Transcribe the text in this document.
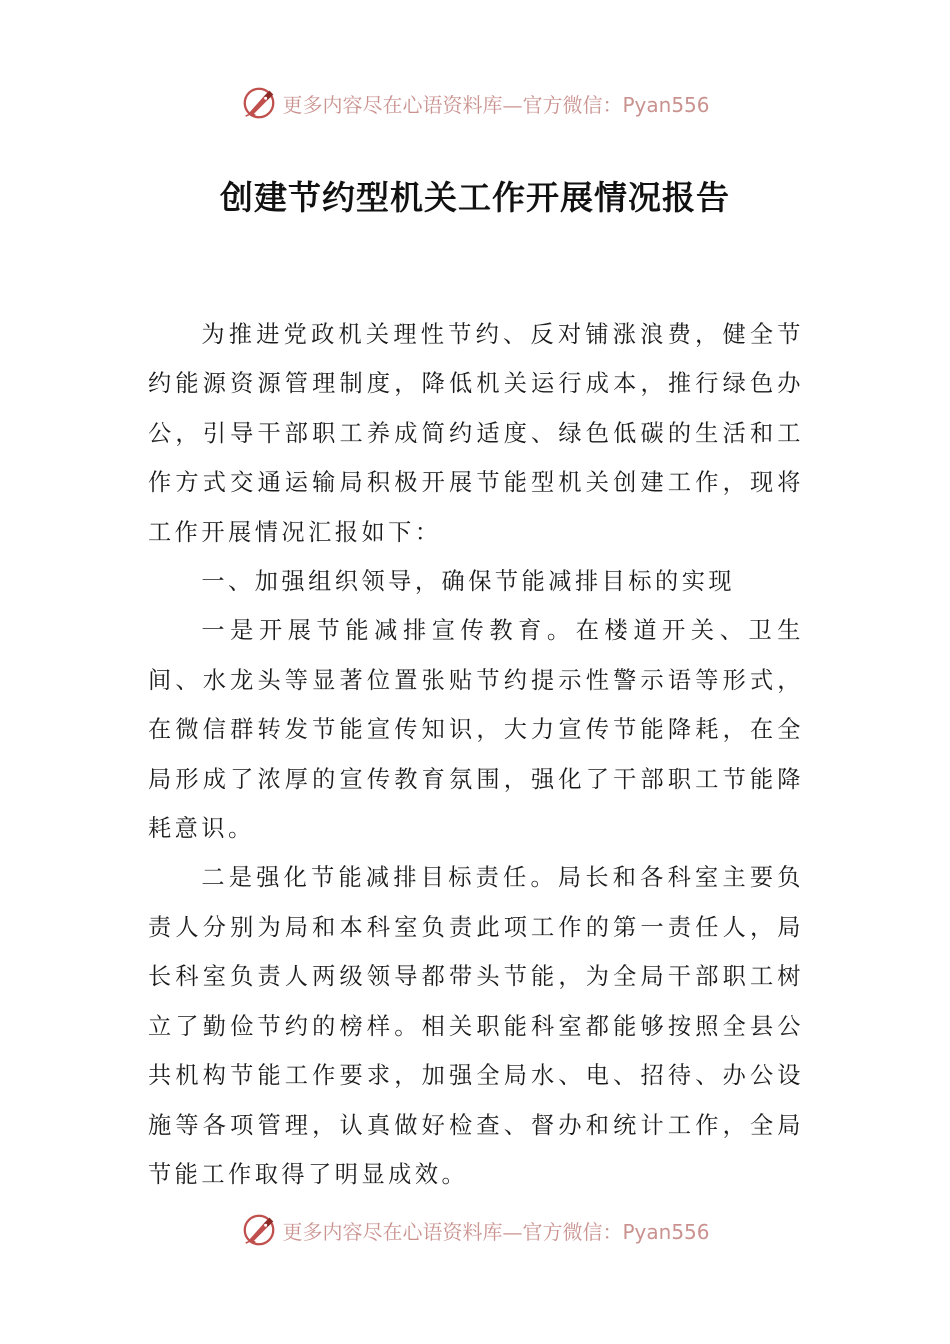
更多内容尽在心语资料库—官方微信：Pyan556
创建节约型机关工作开展情况报告

为推进党政机关理性节约、反对铺涨浪费，健全节约能源资源管理制度，降低机关运行成本，推行绿色办公，引导干部职工养成简约适度、绿色低碳的生活和工作方式交通运输局积极开展节能型机关创建工作，现将工作开展情况汇报如下：

一、加强组织领导，确保节能减排目标的实现

一是开展节能减排宣传教育。在楼道开关、卫生间、水龙头等显著位置张贴节约提示性警示语等形式，在微信群转发节能宣传知识，大力宣传节能降耗，在全局形成了浓厚的宣传教育氛围，强化了干部职工节能降耗意识。

二是强化节能减排目标责任。局长和各科室主要负责人分别为局和本科室负责此项工作的第一责任人，局长科室负责人两级领导都带头节能，为全局干部职工树立了勤俭节约的榜样。相关职能科室都能够按照全县公共机构节能工作要求，加强全局水、电、招待、办公设施等各项管理，认真做好检查、督办和统计工作，全局节能工作取得了明显成效。

更多内容尽在心语资料库—官方微信：Pyan556
